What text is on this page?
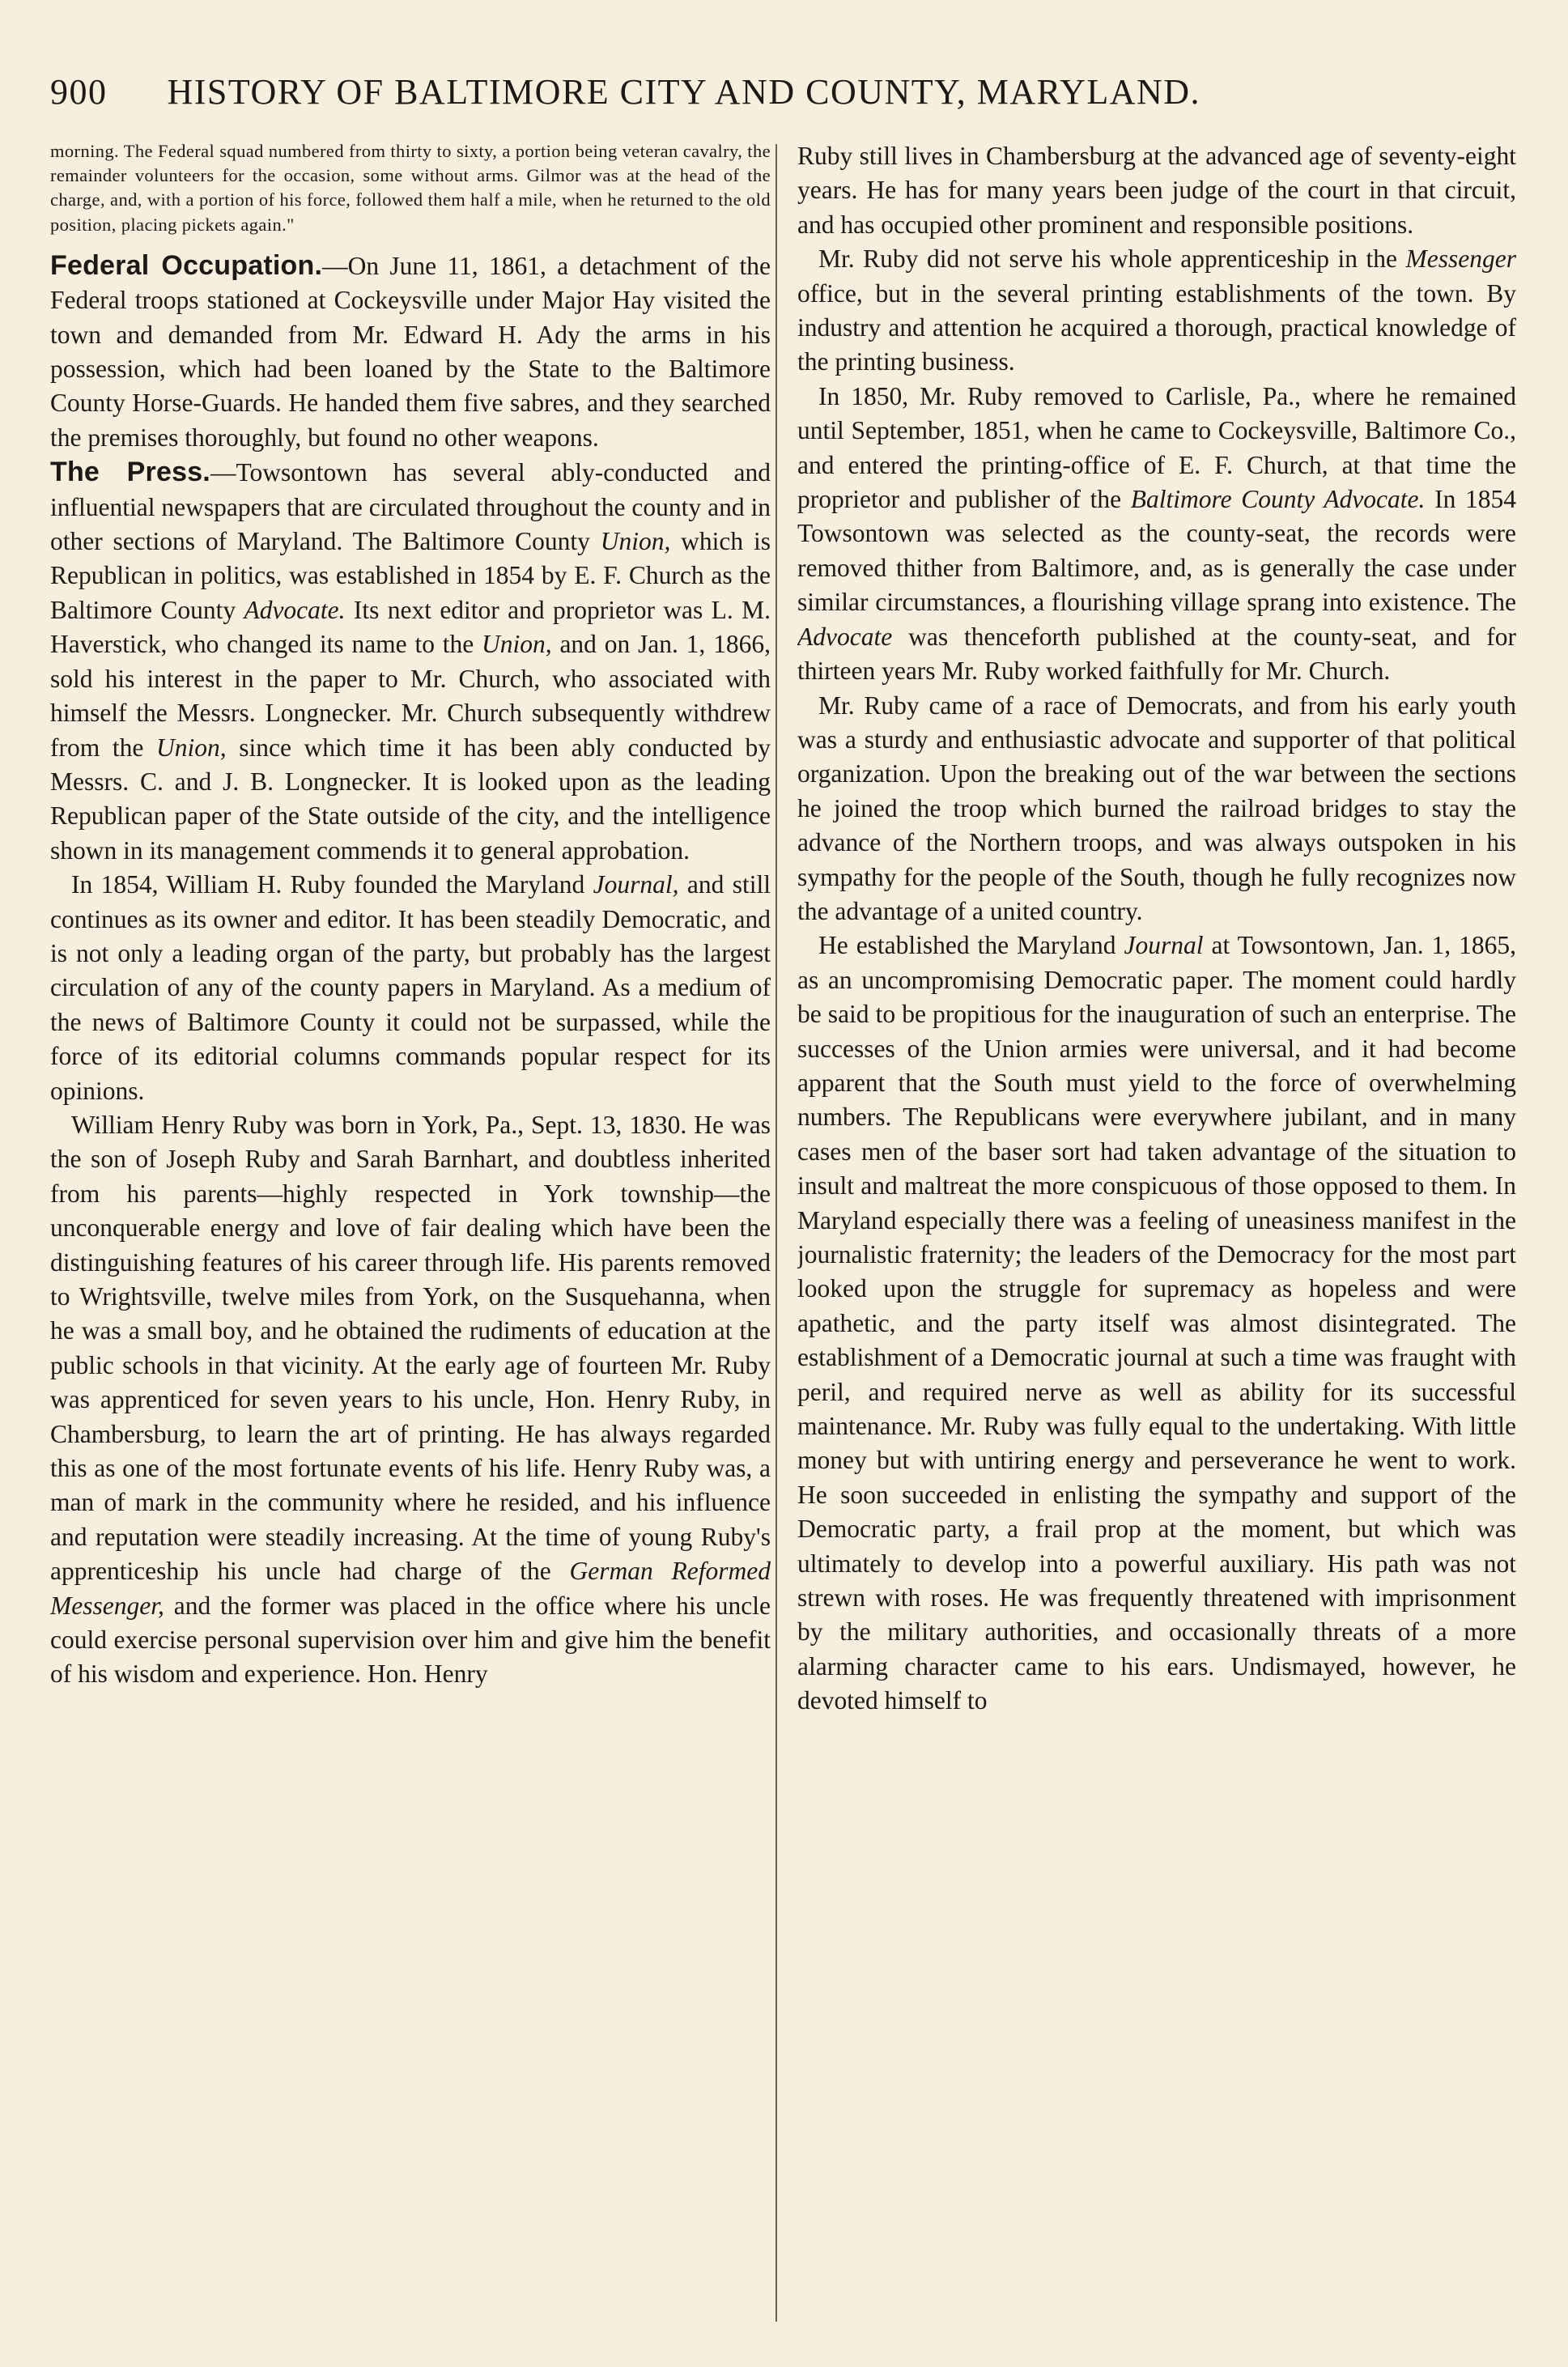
900 HISTORY OF BALTIMORE CITY AND COUNTY, MARYLAND.

morning. The Federal squad numbered from thirty to sixty, a portion being veteran cavalry, the remainder volunteers for the occasion, some without arms. Gilmor was at the head of the charge, and, with a portion of his force, followed them half a mile, when he returned to the old position, placing pickets again."

Federal Occupation.—On June 11, 1861, a detachment of the Federal troops stationed at Cockeysville under Major Hay visited the town and demanded from Mr. Edward H. Ady the arms in his possession, which had been loaned by the State to the Baltimore County Horse-Guards. He handed them five sabres, and they searched the premises thoroughly, but found no other weapons.

The Press.—Towsontown has several ably-conducted and influential newspapers that are circulated throughout the county and in other sections of Maryland. The Baltimore County Union, which is Republican in politics, was established in 1854 by E. F. Church as the Baltimore County Advocate. Its next editor and proprietor was L. M. Haverstick, who changed its name to the Union, and on Jan. 1, 1866, sold his interest in the paper to Mr. Church, who associated with himself the Messrs. Longnecker. Mr. Church subsequently withdrew from the Union, since which time it has been ably conducted by Messrs. C. and J. B. Longnecker. It is looked upon as the leading Republican paper of the State outside of the city, and the intelligence shown in its management commends it to general approbation.

In 1854, William H. Ruby founded the Maryland Journal, and still continues as its owner and editor. It has been steadily Democratic, and is not only a leading organ of the party, but probably has the largest circulation of any of the county papers in Maryland. As a medium of the news of Baltimore County it could not be surpassed, while the force of its editorial columns commands popular respect for its opinions.

William Henry Ruby was born in York, Pa., Sept. 13, 1830. He was the son of Joseph Ruby and Sarah Barnhart, and doubtless inherited from his parents—highly respected in York township—the unconquerable energy and love of fair dealing which have been the distinguishing features of his career through life. His parents removed to Wrightsville, twelve miles from York, on the Susquehanna, when he was a small boy, and he obtained the rudiments of education at the public schools in that vicinity. At the early age of fourteen Mr. Ruby was apprenticed for seven years to his uncle, Hon. Henry Ruby, in Chambersburg, to learn the art of printing. He has always regarded this as one of the most fortunate events of his life. Henry Ruby was, a man of mark in the community where he resided, and his influence and reputation were steadily increasing. At the time of young Ruby's apprenticeship his uncle had charge of the German Reformed Messenger, and the former was placed in the office where his uncle could exercise personal supervision over him and give him the benefit of his wisdom and experience. Hon. Henry

Ruby still lives in Chambersburg at the advanced age of seventy-eight years. He has for many years been judge of the court in that circuit, and has occupied other prominent and responsible positions.

Mr. Ruby did not serve his whole apprenticeship in the Messenger office, but in the several printing establishments of the town. By industry and attention he acquired a thorough, practical knowledge of the printing business.

In 1850, Mr. Ruby removed to Carlisle, Pa., where he remained until September, 1851, when he came to Cockeysville, Baltimore Co., and entered the printing-office of E. F. Church, at that time the proprietor and publisher of the Baltimore County Advocate. In 1854 Towsontown was selected as the county-seat, the records were removed thither from Baltimore, and, as is generally the case under similar circumstances, a flourishing village sprang into existence. The Advocate was thenceforth published at the county-seat, and for thirteen years Mr. Ruby worked faithfully for Mr. Church.

Mr. Ruby came of a race of Democrats, and from his early youth was a sturdy and enthusiastic advocate and supporter of that political organization. Upon the breaking out of the war between the sections he joined the troop which burned the railroad bridges to stay the advance of the Northern troops, and was always outspoken in his sympathy for the people of the South, though he fully recognizes now the advantage of a united country.

He established the Maryland Journal at Towsontown, Jan. 1, 1865, as an uncompromising Democratic paper. The moment could hardly be said to be propitious for the inauguration of such an enterprise. The successes of the Union armies were universal, and it had become apparent that the South must yield to the force of overwhelming numbers. The Republicans were everywhere jubilant, and in many cases men of the baser sort had taken advantage of the situation to insult and maltreat the more conspicuous of those opposed to them. In Maryland especially there was a feeling of uneasiness manifest in the journalistic fraternity; the leaders of the Democracy for the most part looked upon the struggle for supremacy as hopeless and were apathetic, and the party itself was almost disintegrated. The establishment of a Democratic journal at such a time was fraught with peril, and required nerve as well as ability for its successful maintenance. Mr. Ruby was fully equal to the undertaking. With little money but with untiring energy and perseverance he went to work. He soon succeeded in enlisting the sympathy and support of the Democratic party, a frail prop at the moment, but which was ultimately to develop into a powerful auxiliary. His path was not strewn with roses. He was frequently threatened with imprisonment by the military authorities, and occasionally threats of a more alarming character came to his ears. Undismayed, however, he devoted himself to
